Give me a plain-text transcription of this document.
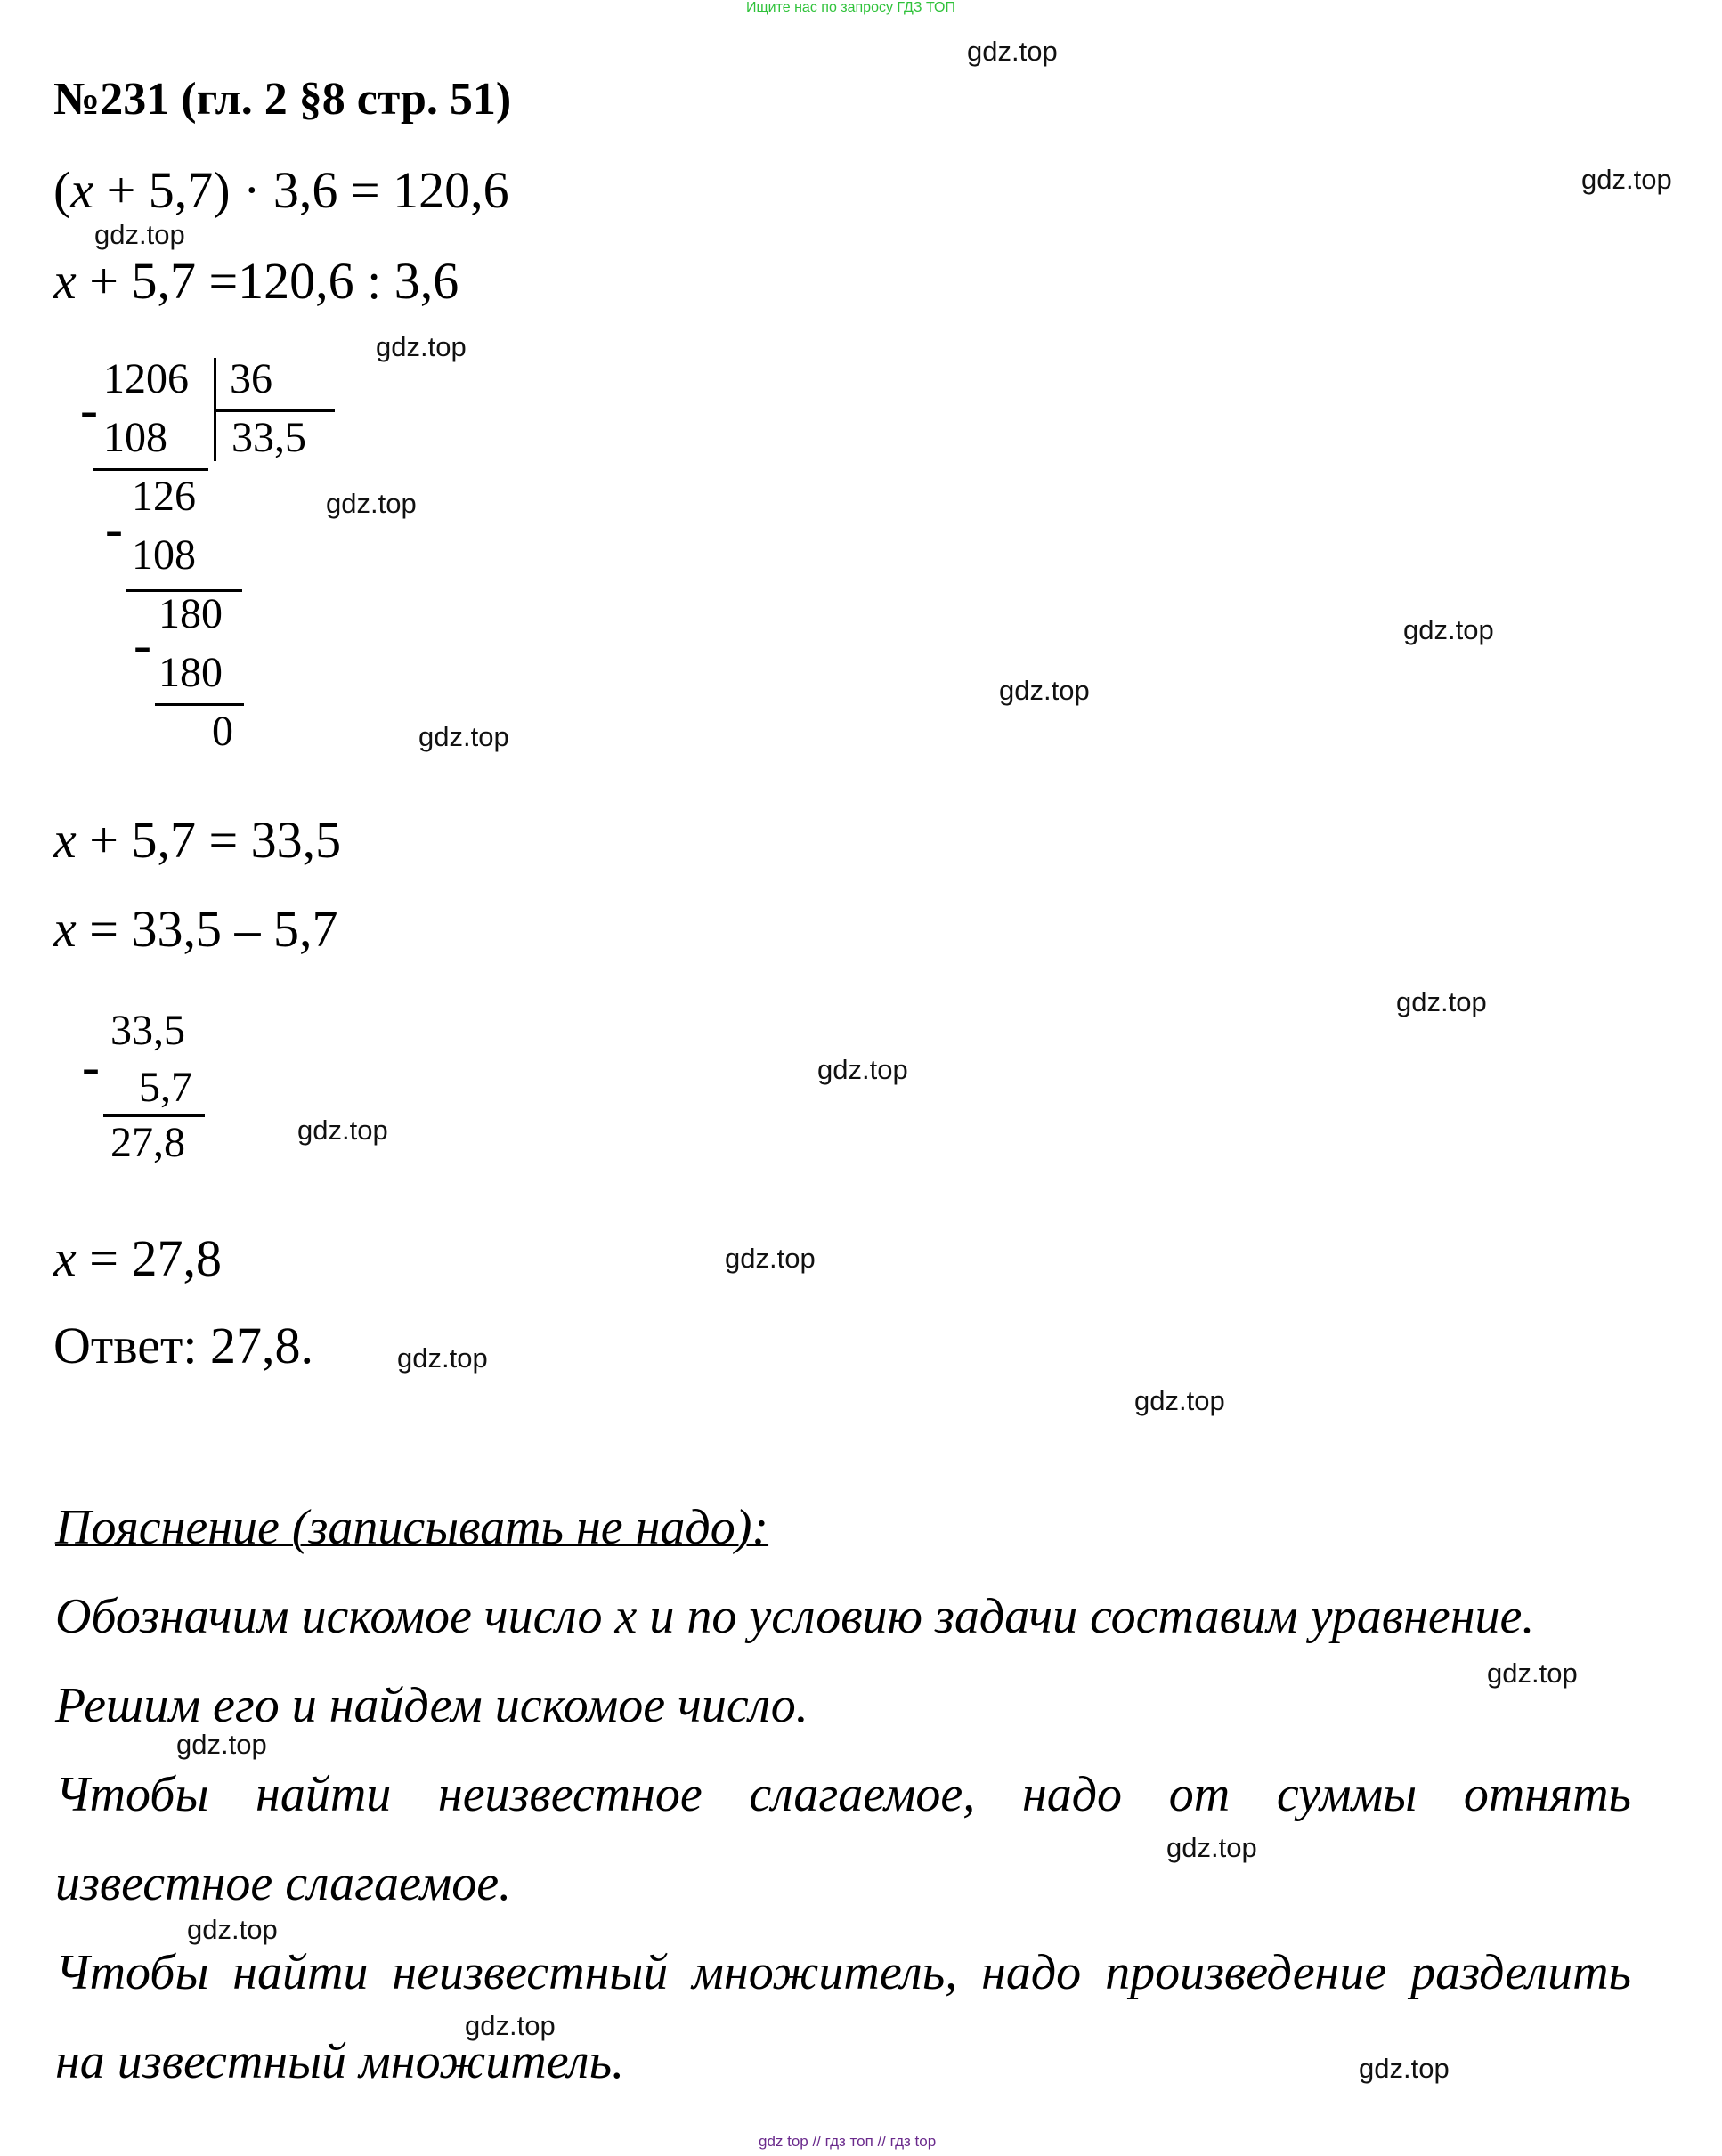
Ищите нас по запросу ГДЗ ТОП
№231 (гл. 2 §8 стр. 51)
(x + 5,7) · 3,6 = 120,6
x + 5,7 =120,6 : 3,6
-
1206 36
33,5
108
-
126
108
-
180
180
0
x + 5,7 = 33,5
x = 33,5 – 5,7
-
33,5
5,7
27,8
x = 27,8
Ответ: 27,8.
Пояснение (записывать не надо):
Обозначим искомое число x и по условию задачи составим уравнение.
Решим его и найдем искомое число.
Чтобы найти неизвестное слагаемое, надо от суммы отнять
известное слагаемое.
Чтобы найти неизвестный множитель, надо произведение разделить
на известный множитель.
gdz.top
gdz.top
gdz.top
gdz.top
gdz.top
gdz.top
gdz.top
gdz.top
gdz.top
gdz.top
gdz.top
gdz.top
gdz.top
gdz.top
gdz.top
gdz.top
gdz.top
gdz.top
gdz.top
gdz.top
gdz top // гдз топ // гдз top
